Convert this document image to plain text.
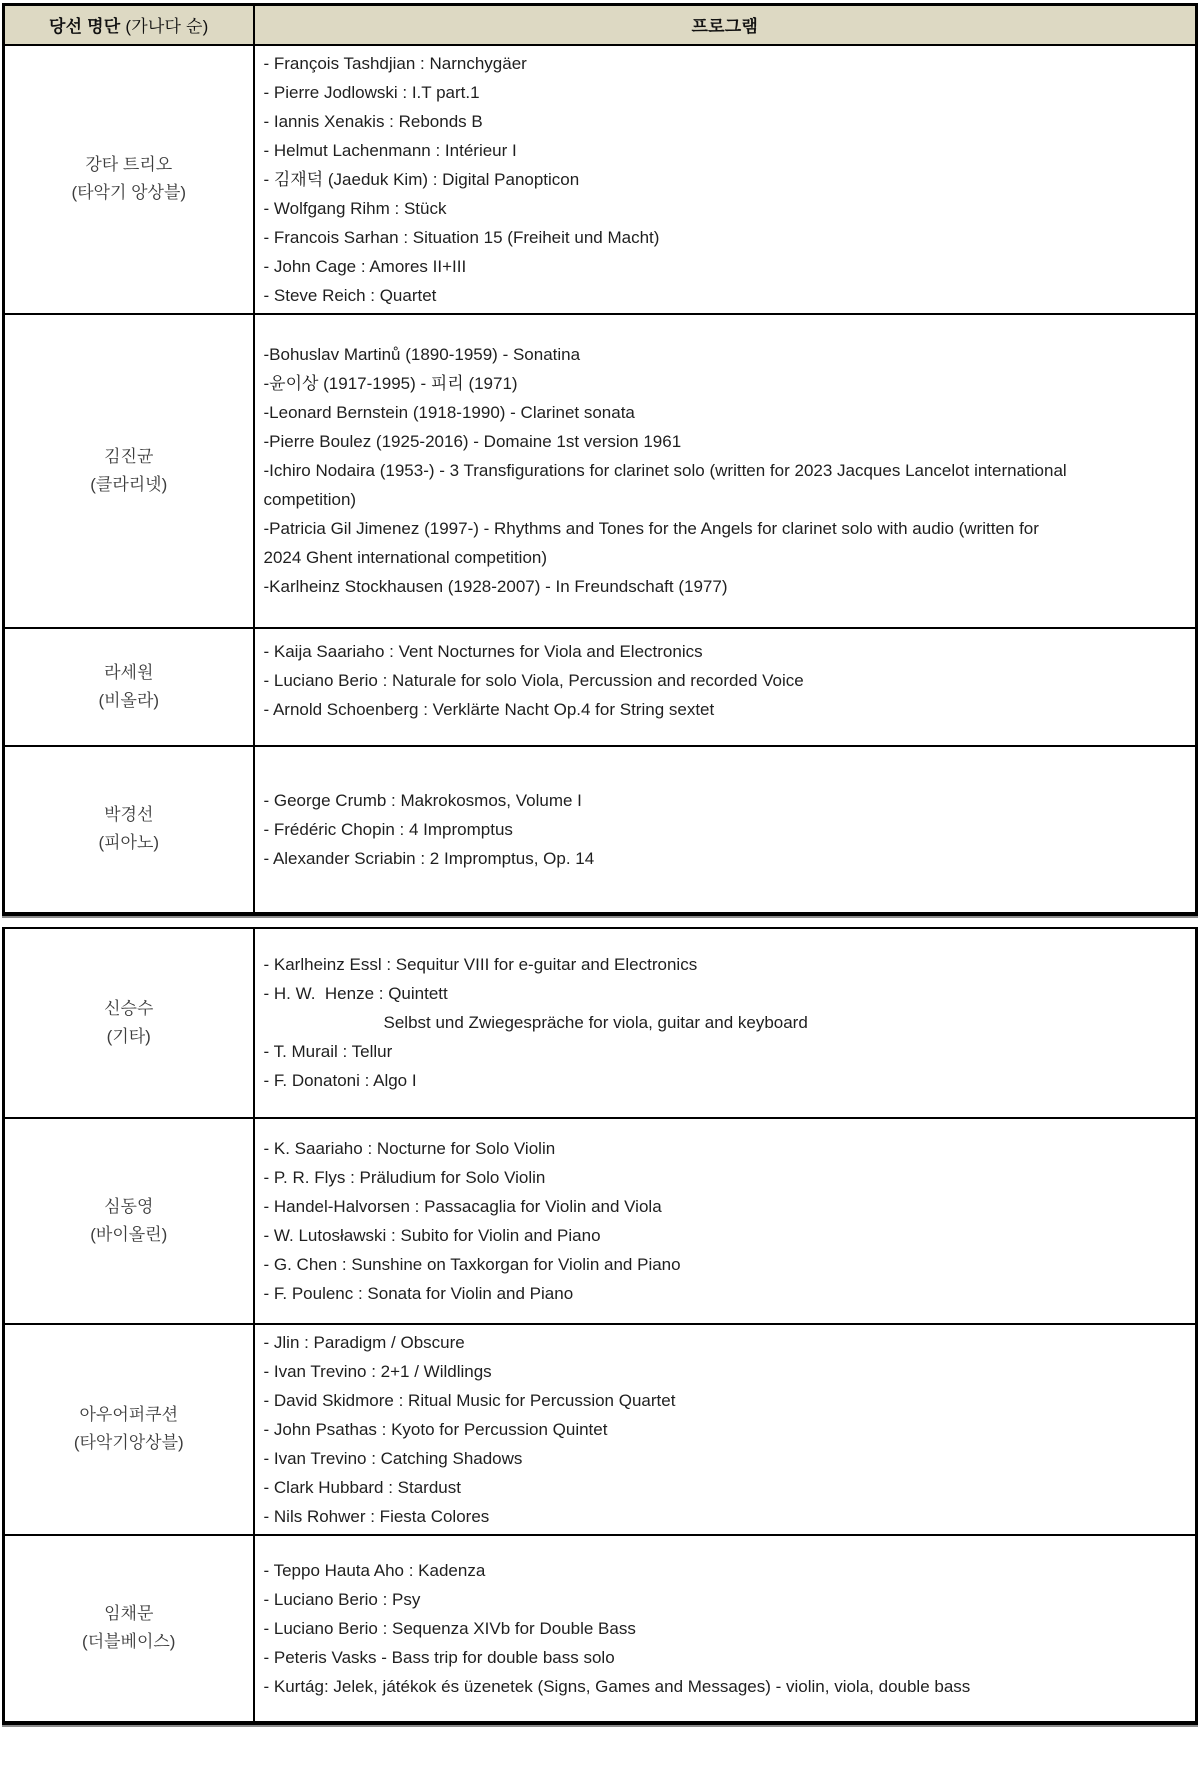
당선 명단 (가나다 순)	프로그램

강타 트리오
(타악기 앙상블)

- François Tashdjian : Narnchygäer
- Pierre Jodlowski : I.T part.1
- Iannis Xenakis : Rebonds B
- Helmut Lachenmann : Intérieur I
- 김재덕 (Jaeduk Kim) : Digital Panopticon
- Wolfgang Rihm : Stück
- Francois Sarhan : Situation 15 (Freiheit und Macht)
- John Cage : Amores II+III
- Steve Reich : Quartet

김진균
(클라리넷)

-Bohuslav Martinů (1890-1959) - Sonatina
-윤이상 (1917-1995) - 피리 (1971)
-Leonard Bernstein (1918-1990) - Clarinet sonata
-Pierre Boulez (1925-2016) - Domaine 1st version 1961
-Ichiro Nodaira (1953-) - 3 Transfigurations for clarinet solo (written for 2023 Jacques Lancelot international
competition)
-Patricia Gil Jimenez (1997-) - Rhythms and Tones for the Angels for clarinet solo with audio (written for
2024 Ghent international competition)
-Karlheinz Stockhausen (1928-2007) - In Freundschaft (1977)

라세원
(비올라)

- Kaija Saariaho : Vent Nocturnes for Viola and Electronics
- Luciano Berio : Naturale for solo Viola, Percussion and recorded Voice
- Arnold Schoenberg : Verklärte Nacht Op.4 for String sextet

박경선
(피아노)

- George Crumb : Makrokosmos, Volume I
- Frédéric Chopin : 4 Impromptus
- Alexander Scriabin : 2 Impromptus, Op. 14
신승수
(기타)

- Karlheinz Essl : Sequitur VIII for e-guitar and Electronics
- H. W.  Henze : Quintett
Selbst und Zwiegespräche for viola, guitar and keyboard
- T. Murail : Tellur
- F. Donatoni : Algo I

심동영
(바이올린)

- K. Saariaho : Nocturne for Solo Violin
- P. R. Flys : Präludium for Solo Violin
- Handel-Halvorsen : Passacaglia for Violin and Viola
- W. Lutosławski : Subito for Violin and Piano
- G. Chen : Sunshine on Taxkorgan for Violin and Piano
- F. Poulenc : Sonata for Violin and Piano

아우어퍼쿠션
(타악기앙상블)

- Jlin : Paradigm / Obscure
- Ivan Trevino : 2+1 / Wildlings
- David Skidmore : Ritual Music for Percussion Quartet
- John Psathas : Kyoto for Percussion Quintet
- Ivan Trevino : Catching Shadows
- Clark Hubbard : Stardust
- Nils Rohwer : Fiesta Colores

임채문
(더블베이스)

- Teppo Hauta Aho : Kadenza
- Luciano Berio : Psy
- Luciano Berio : Sequenza XIVb for Double Bass
- Peteris Vasks - Bass trip for double bass solo
- Kurtág: Jelek, játékok és üzenetek (Signs, Games and Messages) - violin, viola, double bass
